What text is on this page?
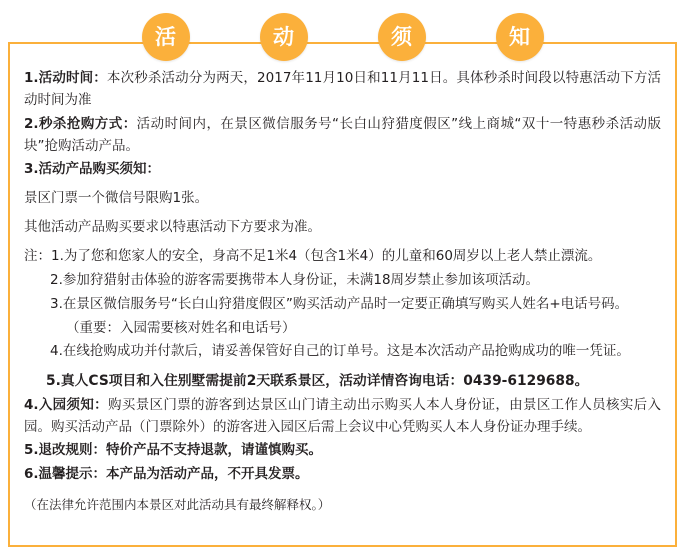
活	动	须	知

1.活动时间：本次秒杀活动分为两天，2017年11月10日和11月11日。具体秒杀时间段以特惠活动下方活动时间为准

2.秒杀抢购方式：活动时间内，在景区微信服务号“长白山狩猎度假区”线上商城“双十一特惠秒杀活动版块”抢购活动产品。

3.活动产品购买须知：

景区门票一个微信号限购1张。

其他活动产品购买要求以特惠活动下方要求为准。

注：1.为了您和您家人的安全，身高不足1米4（包含1米4）的儿童和60周岁以上老人禁止漂流。

2.参加狩猎射击体验的游客需要携带本人身份证，未满18周岁禁止参加该项活动。

3.在景区微信服务号“长白山狩猎度假区”购买活动产品时一定要正确填写购买人姓名+电话号码。

（重要：入园需要核对姓名和电话号）

4.在线抢购成功并付款后，请妥善保管好自己的订单号。这是本次活动产品抢购成功的唯一凭证。

5.真人CS项目和入住别墅需提前2天联系景区，活动详情咨询电话：0439-6129688。

4.入园须知：购买景区门票的游客到达景区山门请主动出示购买人本人身份证，由景区工作人员核实后入园。购买活动产品（门票除外）的游客进入园区后需上会议中心凭购买人本人身份证办理手续。

5.退改规则：特价产品不支持退款，请谨慎购买。

6.温馨提示：本产品为活动产品，不开具发票。

（在法律允许范围内本景区对此活动具有最终解释权。）
